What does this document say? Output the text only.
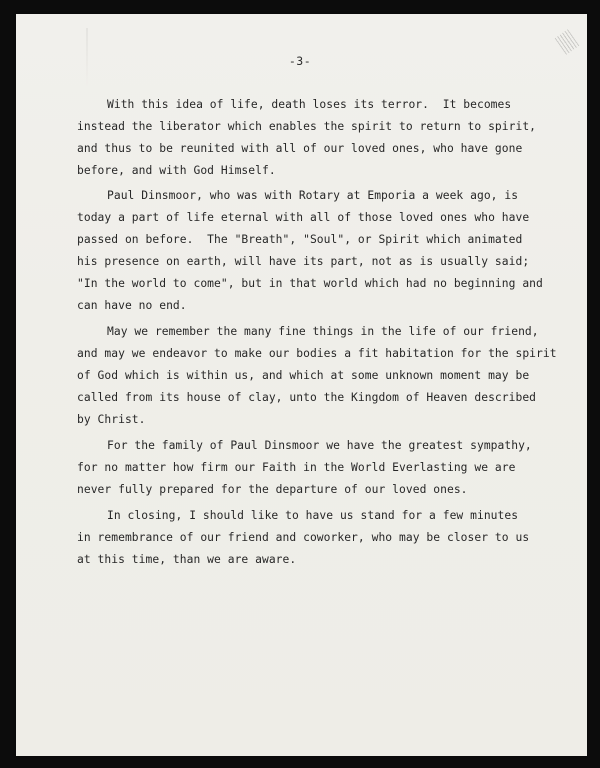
-3-
With this idea of life, death loses its terror.  It becomes
instead the liberator which enables the spirit to return to spirit,
and thus to be reunited with all of our loved ones, who have gone
before, and with God Himself.
Paul Dinsmoor, who was with Rotary at Emporia a week ago, is
today a part of life eternal with all of those loved ones who have
passed on before.  The "Breath", "Soul", or Spirit which animated
his presence on earth, will have its part, not as is usually said;
"In the world to come", but in that world which had no beginning and
can have no end.
May we remember the many fine things in the life of our friend,
and may we endeavor to make our bodies a fit habitation for the spirit
of God which is within us, and which at some unknown moment may be
called from its house of clay, unto the Kingdom of Heaven described
by Christ.
For the family of Paul Dinsmoor we have the greatest sympathy,
for no matter how firm our Faith in the World Everlasting we are
never fully prepared for the departure of our loved ones.
In closing, I should like to have us stand for a few minutes
in remembrance of our friend and coworker, who may be closer to us
at this time, than we are aware.
